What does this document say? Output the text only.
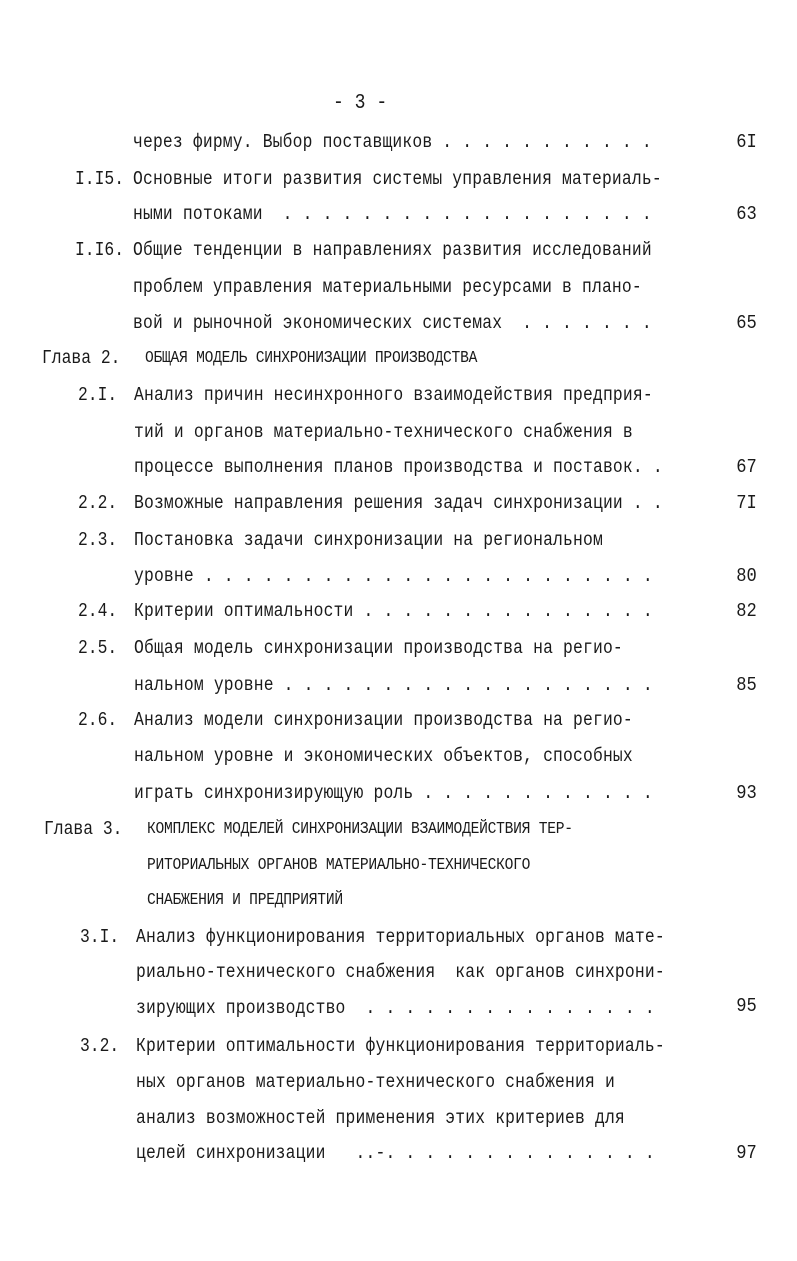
- 3 -
через фирму. Выбор поставщиков . . . . . . . . . . .	6I
I.I5. Основные итоги развития системы управления материаль-
ными потоками  . . . . . . . . . . . . . . . . . . .	63
I.I6. Общие тенденции в направлениях развития исследований
проблем управления материальными ресурсами в плано-
вой и рыночной экономических системах  . . . . . . .	65
Глава 2. ОБЩАЯ МОДЕЛЬ СИНХРОНИЗАЦИИ ПРОИЗВОДСТВА
2.I. Анализ причин несинхронного взаимодействия предприя-
тий и органов материально-технического снабжения в
процессе выполнения планов производства и поставок. .	67
2.2. Возможные направления решения задач синхронизации . .	7I
2.3. Постановка задачи синхронизации на региональном
уровне . . . . . . . . . . . . . . . . . . . . . . .	80
2.4. Критерии оптимальности . . . . . . . . . . . . . . .	82
2.5. Общая модель синхронизации производства на регио-
нальном уровне . . . . . . . . . . . . . . . . . . .	85
2.6. Анализ модели синхронизации производства на регио-
нальном уровне и экономических объектов, способных
играть синхронизирующую роль . . . . . . . . . . . .	93
Глава 3. КОМПЛЕКС МОДЕЛЕЙ СИНХРОНИЗАЦИИ ВЗАИМОДЕЙСТВИЯ ТЕР-
РИТОРИАЛЬНЫХ ОРГАНОВ МАТЕРИАЛЬНО-ТЕХНИЧЕСКОГО
СНАБЖЕНИЯ И ПРЕДПРИЯТИЙ
3.I. Анализ функционирования территориальных органов мате-
риально-технического снабжения  как органов синхрони-
зирующих производство  . . . . . . . . . . . . . . .	95
3.2. Критерии оптимальности функционирования территориаль-
ных органов материально-технического снабжения и
анализ возможностей применения этих критериев для
целей синхронизации   ..-. . . . . . . . . . . . . .	97
